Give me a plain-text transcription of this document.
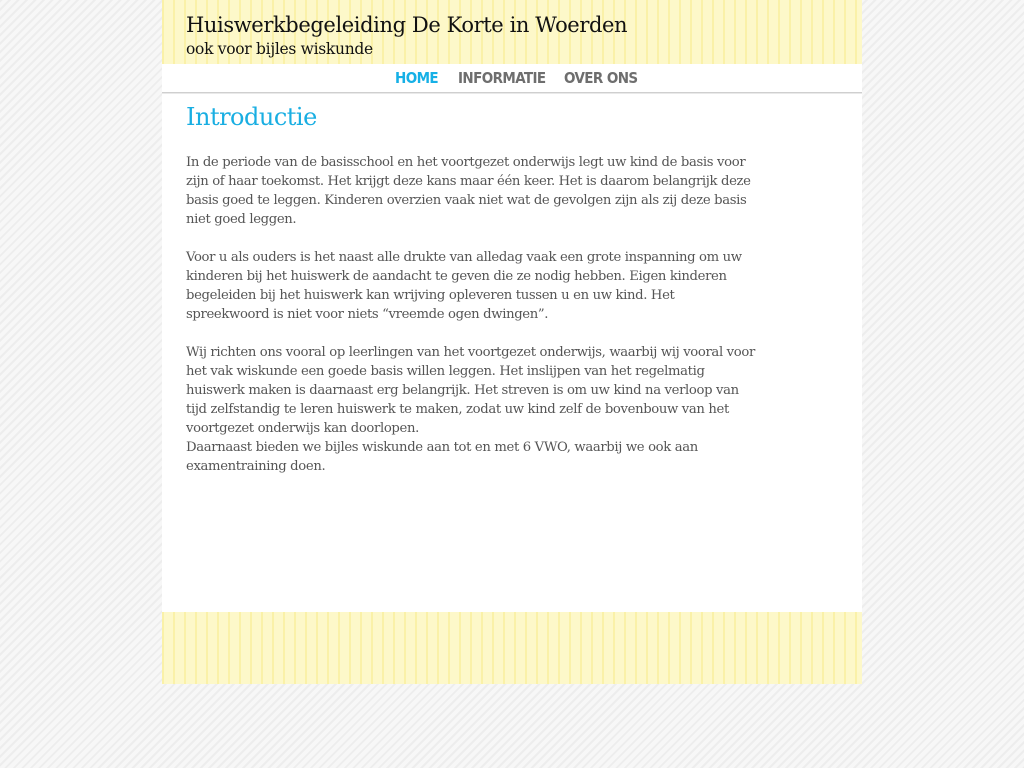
Huiswerkbegeleiding De Korte in Woerden

ook voor bijles wiskunde

HOME INFORMATIE OVER ONS
Introductie

In de periode van de basisschool en het voortgezet onderwijs legt uw kind de basis voor zijn of haar toekomst. Het krijgt deze kans maar één keer. Het is daarom belangrijk deze basis goed te leggen. Kinderen overzien vaak niet wat de gevolgen zijn als zij deze basis niet goed leggen.

Voor u als ouders is het naast alle drukte van alledag vaak een grote inspanning om uw kinderen bij het huiswerk de aandacht te geven die ze nodig hebben. Eigen kinderen begeleiden bij het huiswerk kan wrijving opleveren tussen u en uw kind. Het spreekwoord is niet voor niets “vreemde ogen dwingen”.

Wij richten ons vooral op leerlingen van het voortgezet onderwijs, waarbij wij vooral voor het vak wiskunde een goede basis willen leggen. Het inslijpen van het regelmatig huiswerk maken is daarnaast erg belangrijk. Het streven is om uw kind na verloop van tijd zelfstandig te leren huiswerk te maken, zodat uw kind zelf de bovenbouw van het voortgezet onderwijs kan doorlopen.

Daarnaast bieden we bijles wiskunde aan tot en met 6 VWO, waarbij we ook aan examentraining doen.
